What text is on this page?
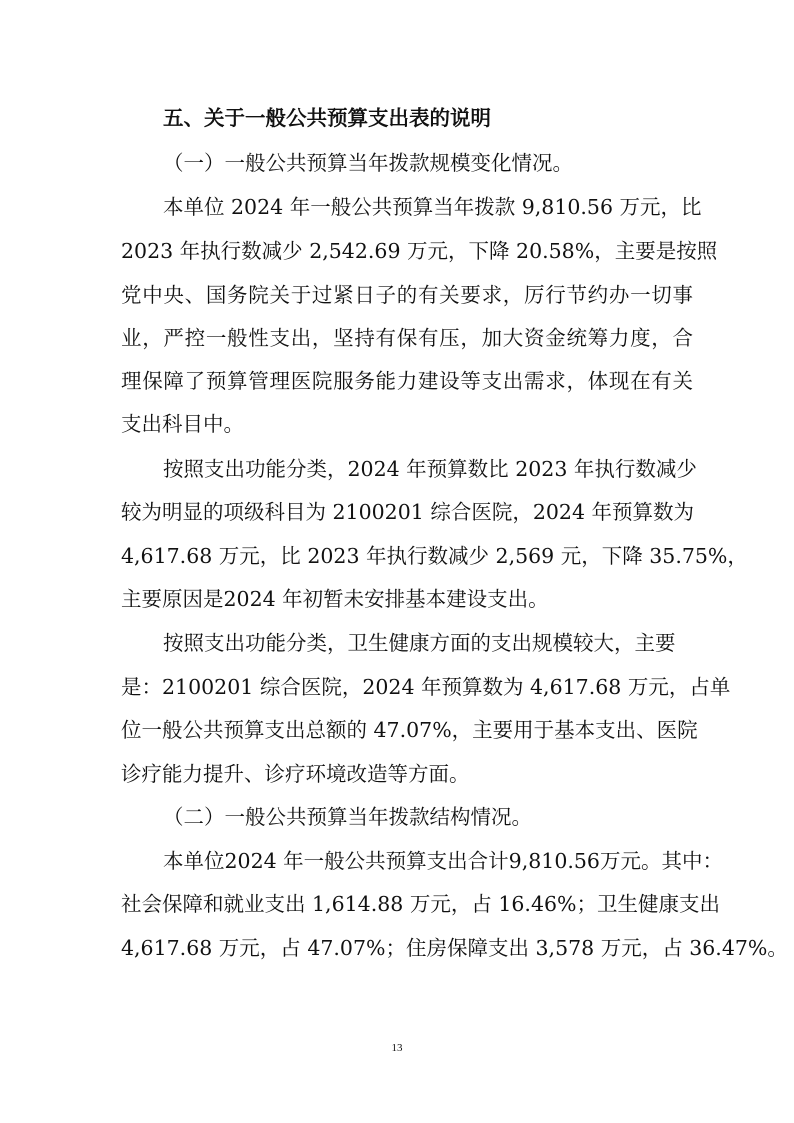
五、关于一般公共预算支出表的说明
（一）一般公共预算当年拨款规模变化情况。
本单位 2024 年一般公共预算当年拨款 9,810.56 万元，比
2023 年执行数减少 2,542.69 万元，下降 20.58%，主要是按照
党中央、国务院关于过紧日子的有关要求，厉行节约办一切事
业，严控一般性支出，坚持有保有压，加大资金统筹力度，合
理保障了预算管理医院服务能力建设等支出需求，体现在有关
支出科目中。
按照支出功能分类，2024 年预算数比 2023 年执行数减少
较为明显的项级科目为 2100201 综合医院，2024 年预算数为
4,617.68 万元，比 2023 年执行数减少 2,569 元，下降 35.75%，
主要原因是2024 年初暂未安排基本建设支出。
按照支出功能分类，卫生健康方面的支出规模较大，主要
是：2100201 综合医院，2024 年预算数为 4,617.68 万元，占单
位一般公共预算支出总额的 47.07%，主要用于基本支出、医院
诊疗能力提升、诊疗环境改造等方面。
（二）一般公共预算当年拨款结构情况。
本单位2024 年一般公共预算支出合计9,810.56万元。其中：
社会保障和就业支出 1,614.88 万元，占 16.46%；卫生健康支出
4,617.68 万元，占 47.07%；住房保障支出 3,578 万元，占 36.47%。
13
